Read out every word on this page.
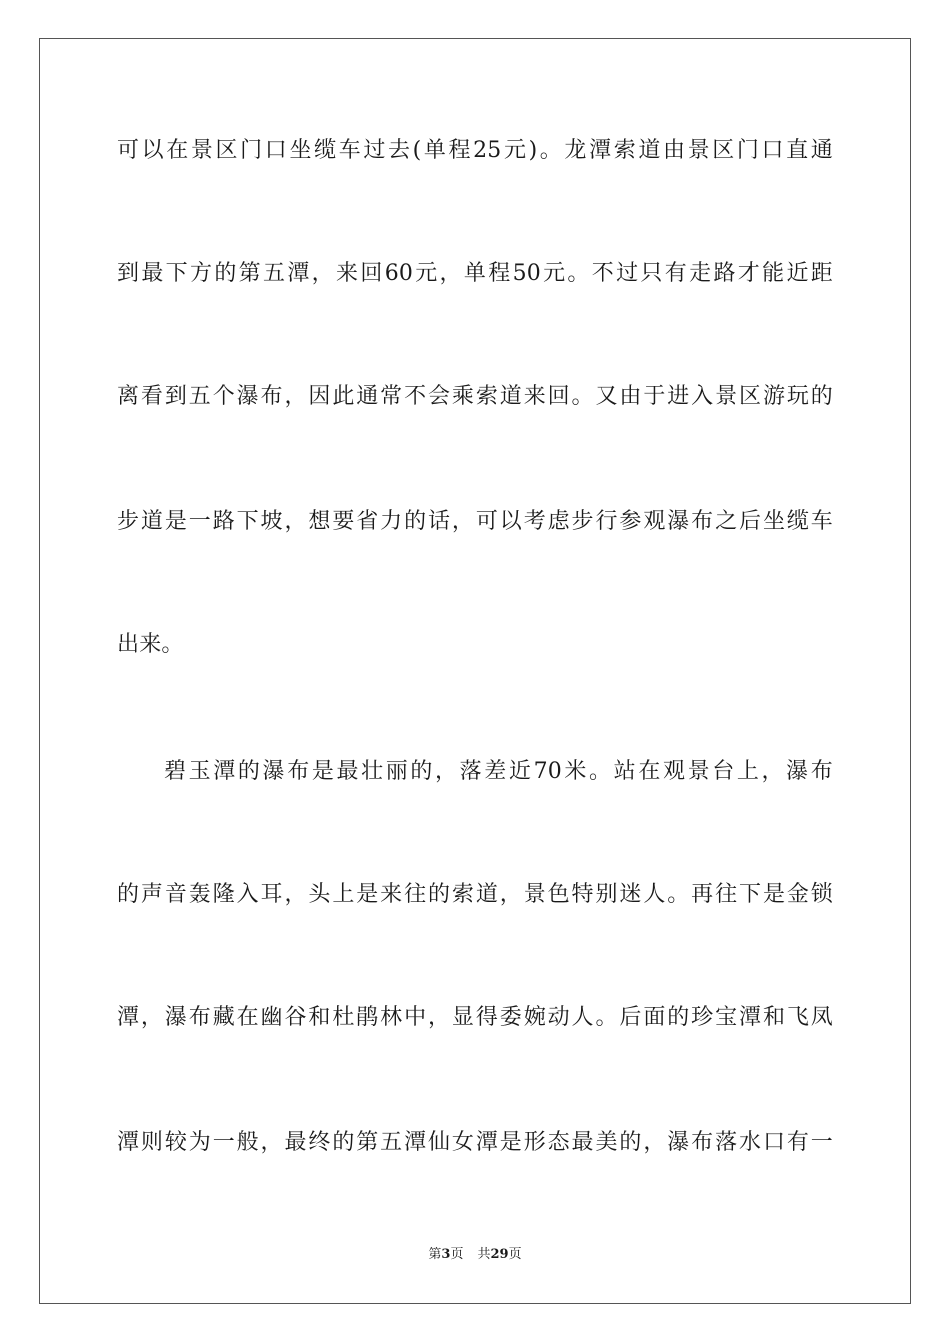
可以在景区门口坐缆车过去(单程25元)。龙潭索道由景区门口直通
到最下方的第五潭，来回60元，单程50元。不过只有走路才能近距
离看到五个瀑布，因此通常不会乘索道来回。又由于进入景区游玩的
步道是一路下坡，想要省力的话，可以考虑步行参观瀑布之后坐缆车
出来。
碧玉潭的瀑布是最壮丽的，落差近70米。站在观景台上，瀑布
的声音轰隆入耳，头上是来往的索道，景色特别迷人。再往下是金锁
潭，瀑布藏在幽谷和杜鹃林中，显得委婉动人。后面的珍宝潭和飞凤
潭则较为一般，最终的第五潭仙女潭是形态最美的，瀑布落水口有一
第3页 共29页
